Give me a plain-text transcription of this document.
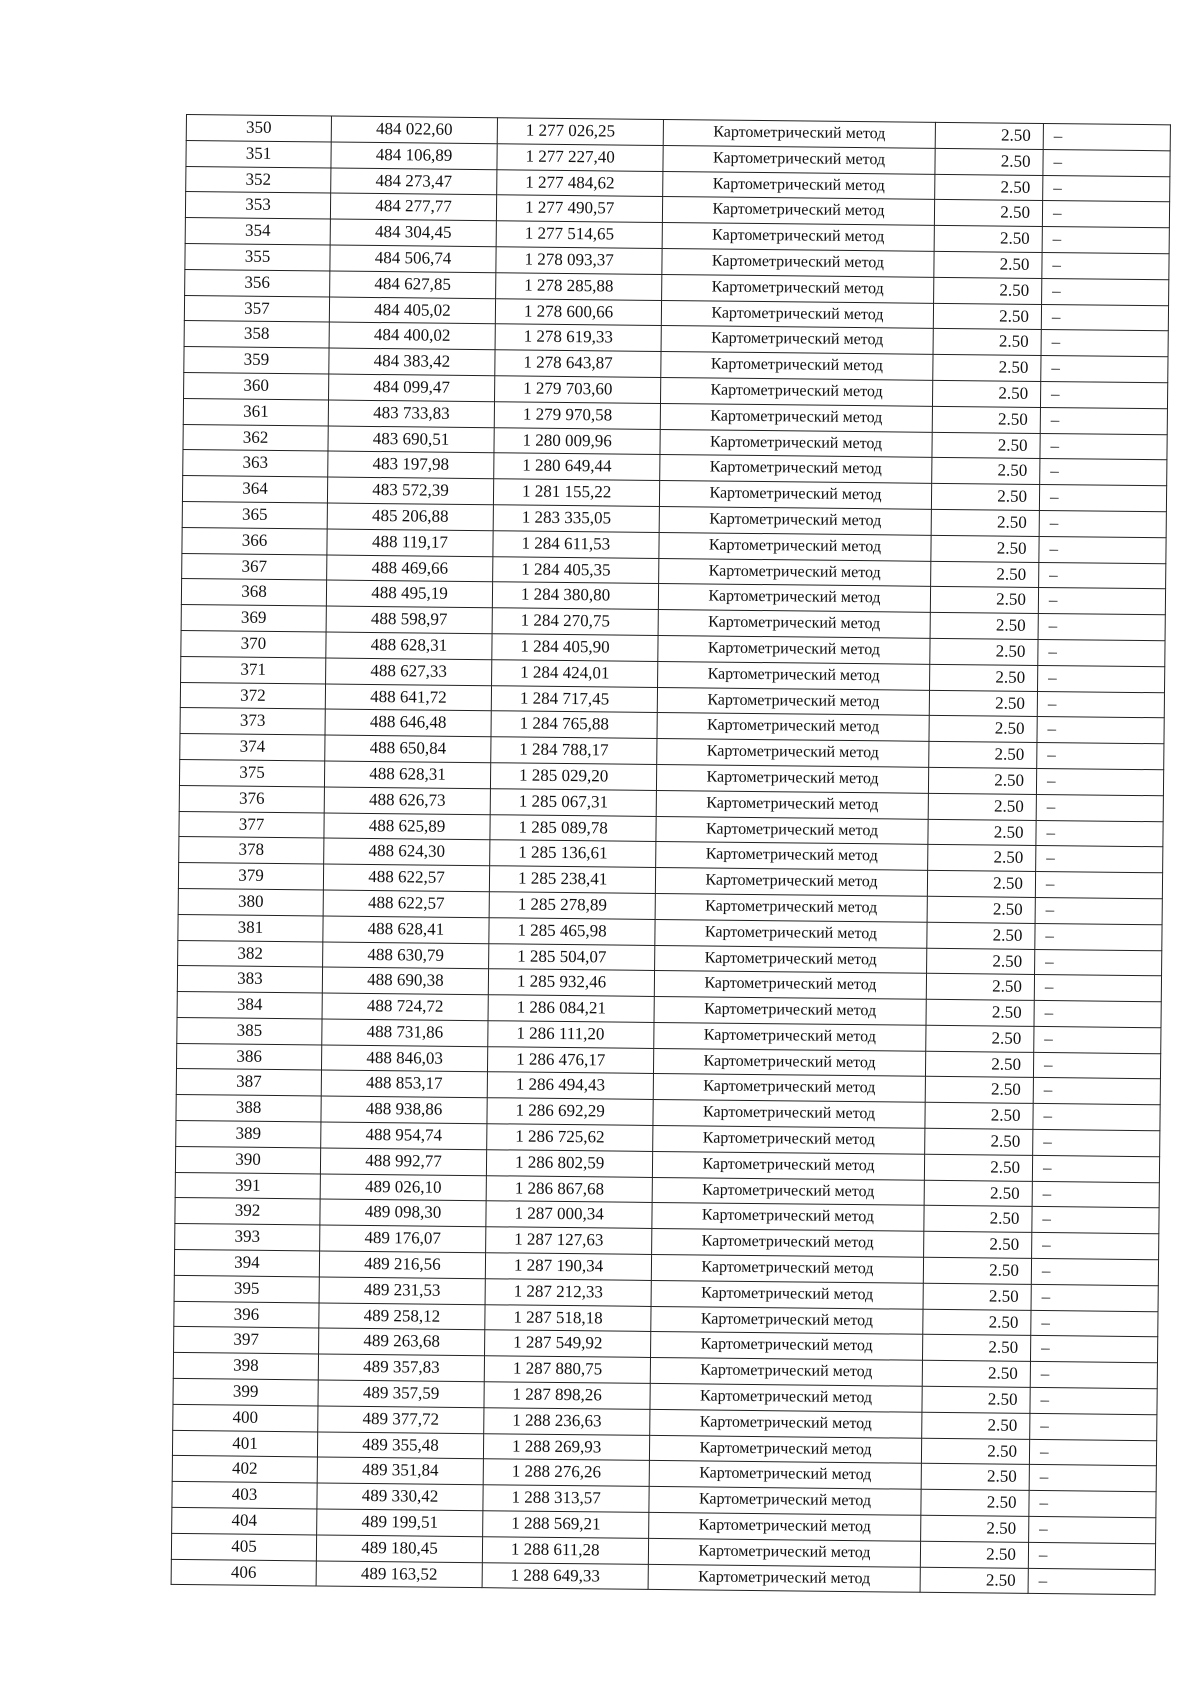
350	484 022,60	1 277 026,25	Картометрический метод	2.50	–
351	484 106,89	1 277 227,40	Картометрический метод	2.50	–
352	484 273,47	1 277 484,62	Картометрический метод	2.50	–
353	484 277,77	1 277 490,57	Картометрический метод	2.50	–
354	484 304,45	1 277 514,65	Картометрический метод	2.50	–
355	484 506,74	1 278 093,37	Картометрический метод	2.50	–
356	484 627,85	1 278 285,88	Картометрический метод	2.50	–
357	484 405,02	1 278 600,66	Картометрический метод	2.50	–
358	484 400,02	1 278 619,33	Картометрический метод	2.50	–
359	484 383,42	1 278 643,87	Картометрический метод	2.50	–
360	484 099,47	1 279 703,60	Картометрический метод	2.50	–
361	483 733,83	1 279 970,58	Картометрический метод	2.50	–
362	483 690,51	1 280 009,96	Картометрический метод	2.50	–
363	483 197,98	1 280 649,44	Картометрический метод	2.50	–
364	483 572,39	1 281 155,22	Картометрический метод	2.50	–
365	485 206,88	1 283 335,05	Картометрический метод	2.50	–
366	488 119,17	1 284 611,53	Картометрический метод	2.50	–
367	488 469,66	1 284 405,35	Картометрический метод	2.50	–
368	488 495,19	1 284 380,80	Картометрический метод	2.50	–
369	488 598,97	1 284 270,75	Картометрический метод	2.50	–
370	488 628,31	1 284 405,90	Картометрический метод	2.50	–
371	488 627,33	1 284 424,01	Картометрический метод	2.50	–
372	488 641,72	1 284 717,45	Картометрический метод	2.50	–
373	488 646,48	1 284 765,88	Картометрический метод	2.50	–
374	488 650,84	1 284 788,17	Картометрический метод	2.50	–
375	488 628,31	1 285 029,20	Картометрический метод	2.50	–
376	488 626,73	1 285 067,31	Картометрический метод	2.50	–
377	488 625,89	1 285 089,78	Картометрический метод	2.50	–
378	488 624,30	1 285 136,61	Картометрический метод	2.50	–
379	488 622,57	1 285 238,41	Картометрический метод	2.50	–
380	488 622,57	1 285 278,89	Картометрический метод	2.50	–
381	488 628,41	1 285 465,98	Картометрический метод	2.50	–
382	488 630,79	1 285 504,07	Картометрический метод	2.50	–
383	488 690,38	1 285 932,46	Картометрический метод	2.50	–
384	488 724,72	1 286 084,21	Картометрический метод	2.50	–
385	488 731,86	1 286 111,20	Картометрический метод	2.50	–
386	488 846,03	1 286 476,17	Картометрический метод	2.50	–
387	488 853,17	1 286 494,43	Картометрический метод	2.50	–
388	488 938,86	1 286 692,29	Картометрический метод	2.50	–
389	488 954,74	1 286 725,62	Картометрический метод	2.50	–
390	488 992,77	1 286 802,59	Картометрический метод	2.50	–
391	489 026,10	1 286 867,68	Картометрический метод	2.50	–
392	489 098,30	1 287 000,34	Картометрический метод	2.50	–
393	489 176,07	1 287 127,63	Картометрический метод	2.50	–
394	489 216,56	1 287 190,34	Картометрический метод	2.50	–
395	489 231,53	1 287 212,33	Картометрический метод	2.50	–
396	489 258,12	1 287 518,18	Картометрический метод	2.50	–
397	489 263,68	1 287 549,92	Картометрический метод	2.50	–
398	489 357,83	1 287 880,75	Картометрический метод	2.50	–
399	489 357,59	1 287 898,26	Картометрический метод	2.50	–
400	489 377,72	1 288 236,63	Картометрический метод	2.50	–
401	489 355,48	1 288 269,93	Картометрический метод	2.50	–
402	489 351,84	1 288 276,26	Картометрический метод	2.50	–
403	489 330,42	1 288 313,57	Картометрический метод	2.50	–
404	489 199,51	1 288 569,21	Картометрический метод	2.50	–
405	489 180,45	1 288 611,28	Картометрический метод	2.50	–
406	489 163,52	1 288 649,33	Картометрический метод	2.50	–
